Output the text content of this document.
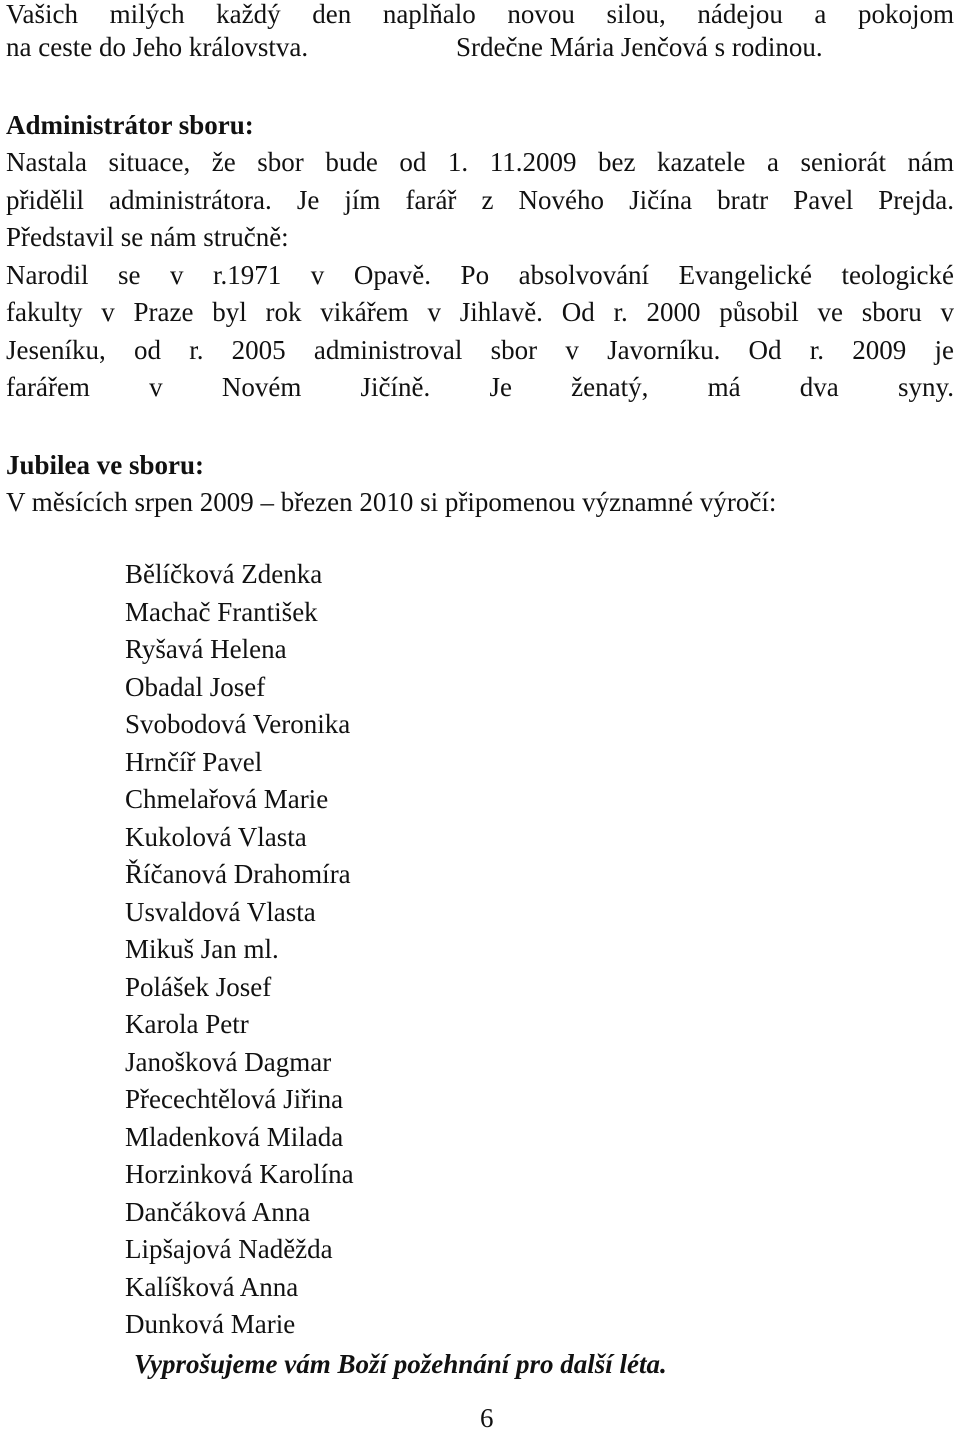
Vašich milých každý den naplňalo novou silou, nádejou a pokojom
na ceste do Jeho královstva.	Srdečne Mária Jenčová s rodinou.
Administrátor sboru:
Nastala situace, že sbor bude od 1. 11.2009 bez kazatele a seniorát nám
přidělil administrátora. Je jím farář z Nového Jičína bratr Pavel Prejda.
Představil se nám stručně:
Narodil se v r.1971 v Opavě. Po absolvování Evangelické teologické
fakulty v Praze byl rok vikářem v Jihlavě. Od r. 2000 působil ve sboru v
Jeseníku, od r. 2005 administroval sbor v Javorníku. Od r. 2009 je
farářem v Novém Jičíně. Je ženatý, má dva syny.
Jubilea ve sboru:
V měsících srpen 2009 – březen 2010 si připomenou významné výročí:
Bělíčková Zdenka
Machač František
Ryšavá Helena
Obadal Josef
Svobodová Veronika
Hrnčíř Pavel
Chmelařová Marie
Kukolová Vlasta
Říčanová Drahomíra
Usvaldová Vlasta
Mikuš Jan ml.
Polášek Josef
Karola Petr
Janošková Dagmar
Přecechtělová Jiřina
Mladenková Milada
Horzinková Karolína
Dančáková Anna
Lipšajová Naděžda
Kalíšková Anna
Dunková Marie
Vyprošujeme vám Boží požehnání pro další léta.
6
